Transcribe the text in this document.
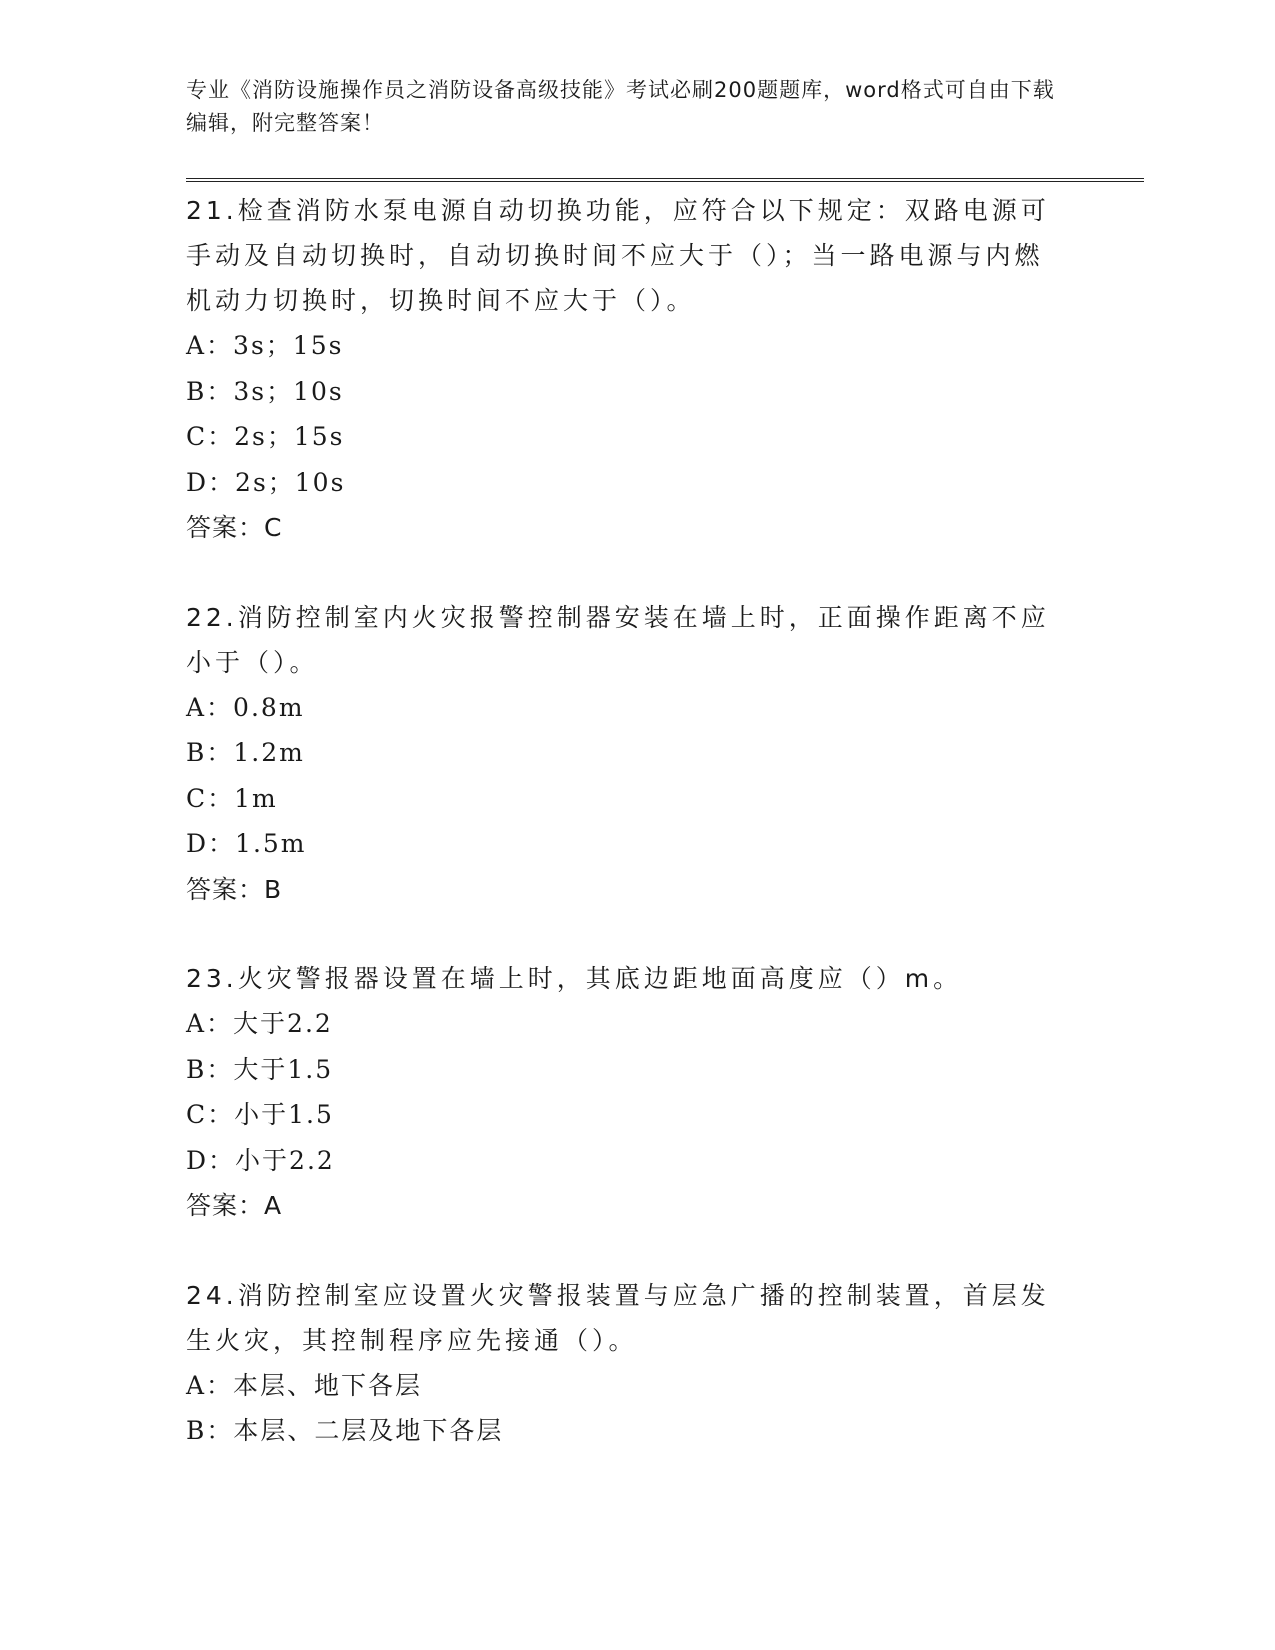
专业《消防设施操作员之消防设备高级技能》考试必刷200题题库，word格式可自由下载编辑，附完整答案！

21.检查消防水泵电源自动切换功能，应符合以下规定：双路电源可手动及自动切换时，自动切换时间不应大于（）；当一路电源与内燃机动力切换时，切换时间不应大于（）。

A：3s；15s

B：3s；10s

C：2s；15s

D：2s；10s

答案：C

22.消防控制室内火灾报警控制器安装在墙上时，正面操作距离不应小于（）。

A：0.8m

B：1.2m

C：1m

D：1.5m

答案：B

23.火灾警报器设置在墙上时，其底边距地面高度应（）m。

A：大于2.2

B：大于1.5

C：小于1.5

D：小于2.2

答案：A

24.消防控制室应设置火灾警报装置与应急广播的控制装置，首层发生火灾，其控制程序应先接通（）。

A：本层、地下各层

B：本层、二层及地下各层
